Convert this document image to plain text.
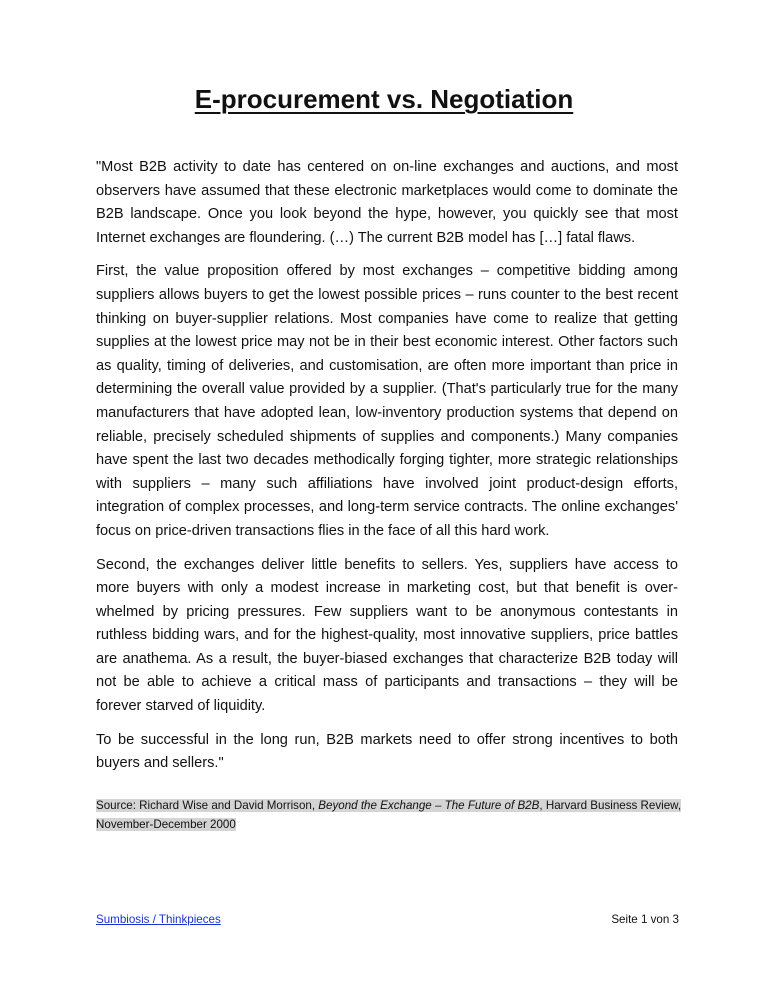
E-procurement vs. Negotiation

"Most B2B activity to date has centered on on-line exchanges and auctions, and most observers have assumed that these electronic marketplaces would come to dominate the B2B landscape. Once you look beyond the hype, however, you quickly see that most Internet exchanges are floundering. (…) The current B2B model has […] fatal flaws.

First, the value proposition offered by most exchanges – competitive bidding among suppliers allows buyers to get the lowest possible prices – runs counter to the best recent thinking on buyer-supplier relations. Most companies have come to realize that getting supplies at the lowest price may not be in their best economic interest. Other factors such as quality, timing of deliveries, and customisation, are often more important than price in determining the overall value provided by a supplier. (That's particularly true for the many manufacturers that have adopted lean, low-inventory production systems that depend on reliable, precisely scheduled shipments of supplies and components.) Many companies have spent the last two decades methodically forging tighter, more strategic relationships with suppliers – many such affiliations have involved joint product-design efforts, integration of complex processes, and long-term service contracts. The online exchanges' focus on price-driven transactions flies in the face of all this hard work.

Second, the exchanges deliver little benefits to sellers. Yes, suppliers have access to more buyers with only a modest increase in marketing cost, but that benefit is overwhelmed by pricing pressures. Few suppliers want to be anonymous contestants in ruthless bidding wars, and for the highest-quality, most innovative suppliers, price battles are anathema. As a result, the buyer-biased exchanges that characterize B2B today will not be able to achieve a critical mass of participants and transactions – they will be forever starved of liquidity.

To be successful in the long run, B2B markets need to offer strong incentives to both buyers and sellers."

Source: Richard Wise and David Morrison, Beyond the Exchange – The Future of B2B, Harvard Business Review, November-December 2000
Sumbiosis / Thinkpieces	Seite 1 von 3
